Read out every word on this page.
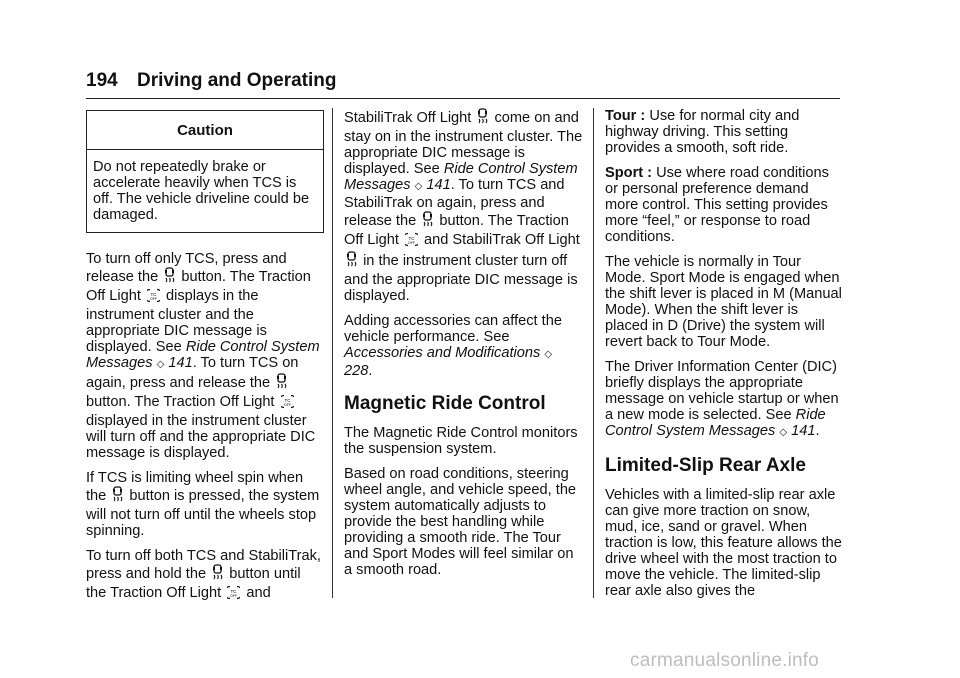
194 Driving and Operating
Caution
Do not repeatedly brake or accelerate heavily when TCS is off. The vehicle driveline could be damaged.

To turn off only TCS, press and release the button. The Traction Off Light TC
OFF displays in the instrument cluster and the appropriate DIC message is displayed. See Ride Control System Messages ◇ 141. To turn TCS on again, press and release the  button. The Traction Off Light TC
OFF
displayed in the instrument cluster will turn off and the appropriate DIC message is displayed.

If TCS is limiting wheel spin when the button is pressed, the system will not turn off until the wheels stop spinning.

To turn off both TCS and StabiliTrak, press and hold the button until the Traction Off Light TC
OFF and

StabiliTrak Off Light come on and stay on in the instrument cluster. The appropriate DIC message is displayed. See Ride Control System Messages ◇ 141. To turn TCS and StabiliTrak on again, press and release the button. The Traction Off Light TC
OFF and StabiliTrak Off Light  in the instrument cluster turn off and the appropriate DIC message is displayed.

Adding accessories can affect the vehicle performance. See Accessories and Modifications ◇ 228.

Magnetic Ride Control

The Magnetic Ride Control monitors the suspension system.

Based on road conditions, steering wheel angle, and vehicle speed, the system automatically adjusts to provide the best handling while providing a smooth ride. The Tour and Sport Modes will feel similar on a smooth road.

Tour : Use for normal city and highway driving. This setting provides a smooth, soft ride.

Sport : Use where road conditions or personal preference demand more control. This setting provides more “feel,” or response to road conditions.

The vehicle is normally in Tour Mode. Sport Mode is engaged when the shift lever is placed in M (Manual Mode). When the shift lever is placed in D (Drive) the system will revert back to Tour Mode.

The Driver Information Center (DIC) briefly displays the appropriate message on vehicle startup or when a new mode is selected. See Ride Control System Messages ◇ 141.

Limited-Slip Rear Axle

Vehicles with a limited-slip rear axle can give more traction on snow, mud, ice, sand or gravel. When traction is low, this feature allows the drive wheel with the most traction to move the vehicle. The limited-slip rear axle also gives the

carmanualsonline.info
